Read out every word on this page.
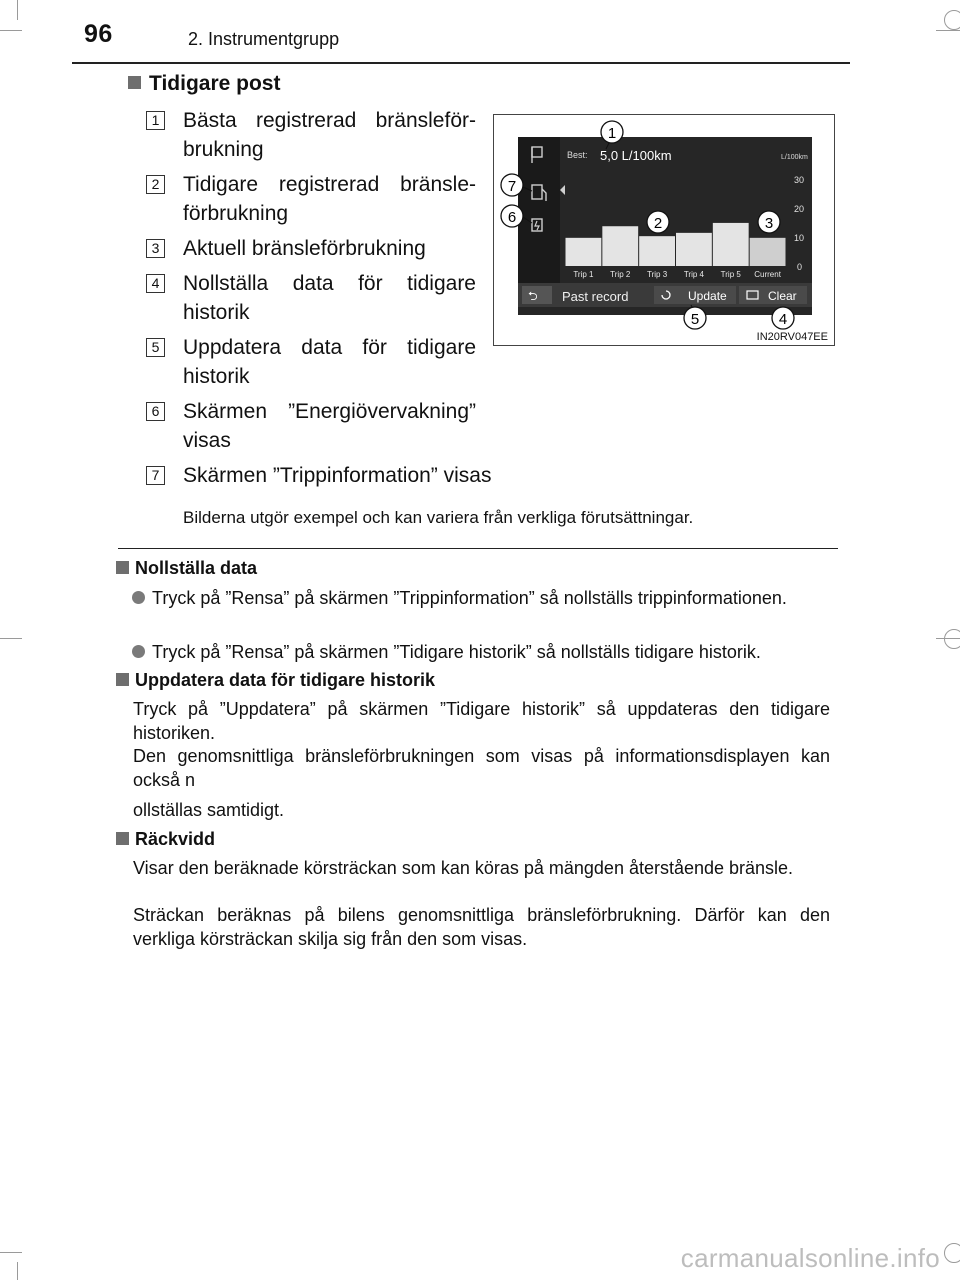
96	2. Instrumentgrupp
Tidigare post
1 Bästa registrerad bränsleförbrukning
2 Tidigare registrerad bränsleförbrukning
3 Aktuell bränsleförbrukning
4 Nollställa data för tidigare historik
5 Uppdatera data för tidigare historik
6 Skärmen ”Energiövervakning” visas
7 Skärmen ”Trippinformation” visas
Bilderna utgör exempel och kan variera från verkliga förutsättningar.
Best: 5,0 L/100km	L/100km
30
20
10
0
Trip 1 Trip 2 Trip 3 Trip 4 Trip 5 Current
⮌ Past record	Update	Clear
1
2	3
4
5
6
7
IN20RV047EE
Nollställa data
Tryck på ”Rensa” på skärmen ”Trippinformation” så nollställs trippinformationen.
Tryck på ”Rensa” på skärmen ”Tidigare historik” så nollställs tidigare historik.
Uppdatera data för tidigare historik
Tryck på ”Uppdatera” på skärmen ”Tidigare historik” så uppdateras den tidigare historiken.
Den genomsnittliga bränsleförbrukningen som visas på informationsdisplayen kan också n
ollställas samtidigt.
Räckvidd
Visar den beräknade körsträckan som kan köras på mängden återstående bränsle.
Sträckan beräknas på bilens genomsnittliga bränsleförbrukning. Därför kan den verkliga körsträckan skilja sig från den som visas.
carmanualsonline.info
